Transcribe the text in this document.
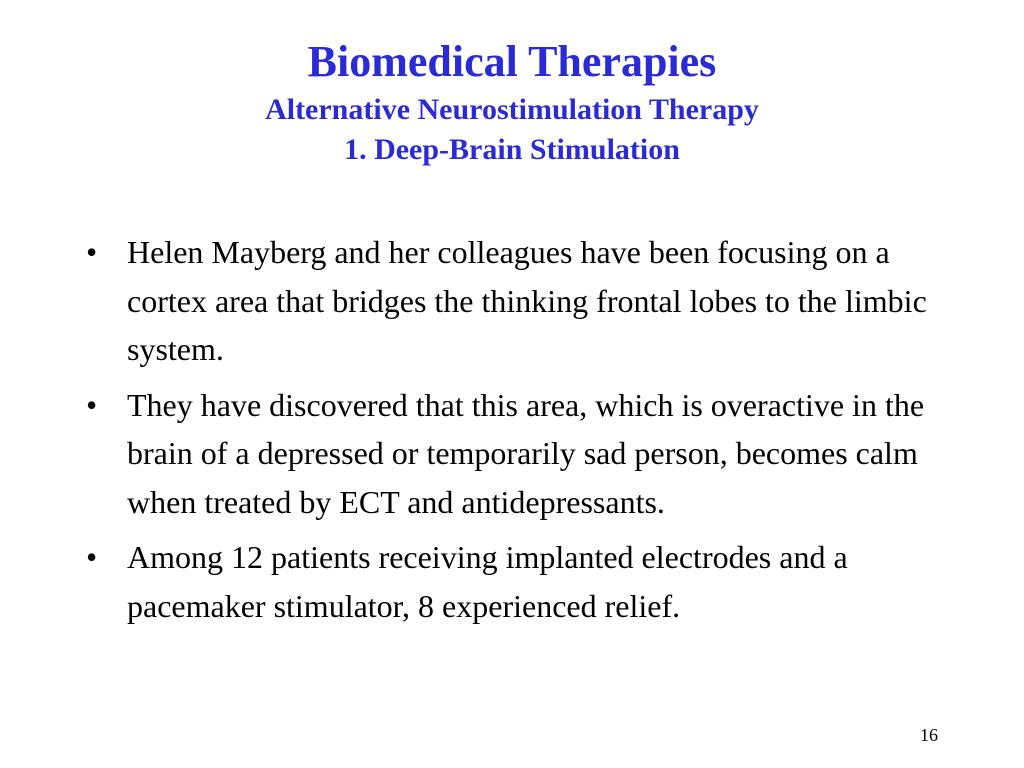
Biomedical Therapies
Alternative Neurostimulation Therapy
1. Deep-Brain Stimulation
• Helen Mayberg and her colleagues have been focusing on a cortex area that bridges the thinking frontal lobes to the limbic system.
• They have discovered that this area, which is overactive in the brain of a depressed or temporarily sad person, becomes calm when treated by ECT and antidepressants.
• Among 12 patients receiving implanted electrodes and a pacemaker stimulator, 8 experienced relief.
16
